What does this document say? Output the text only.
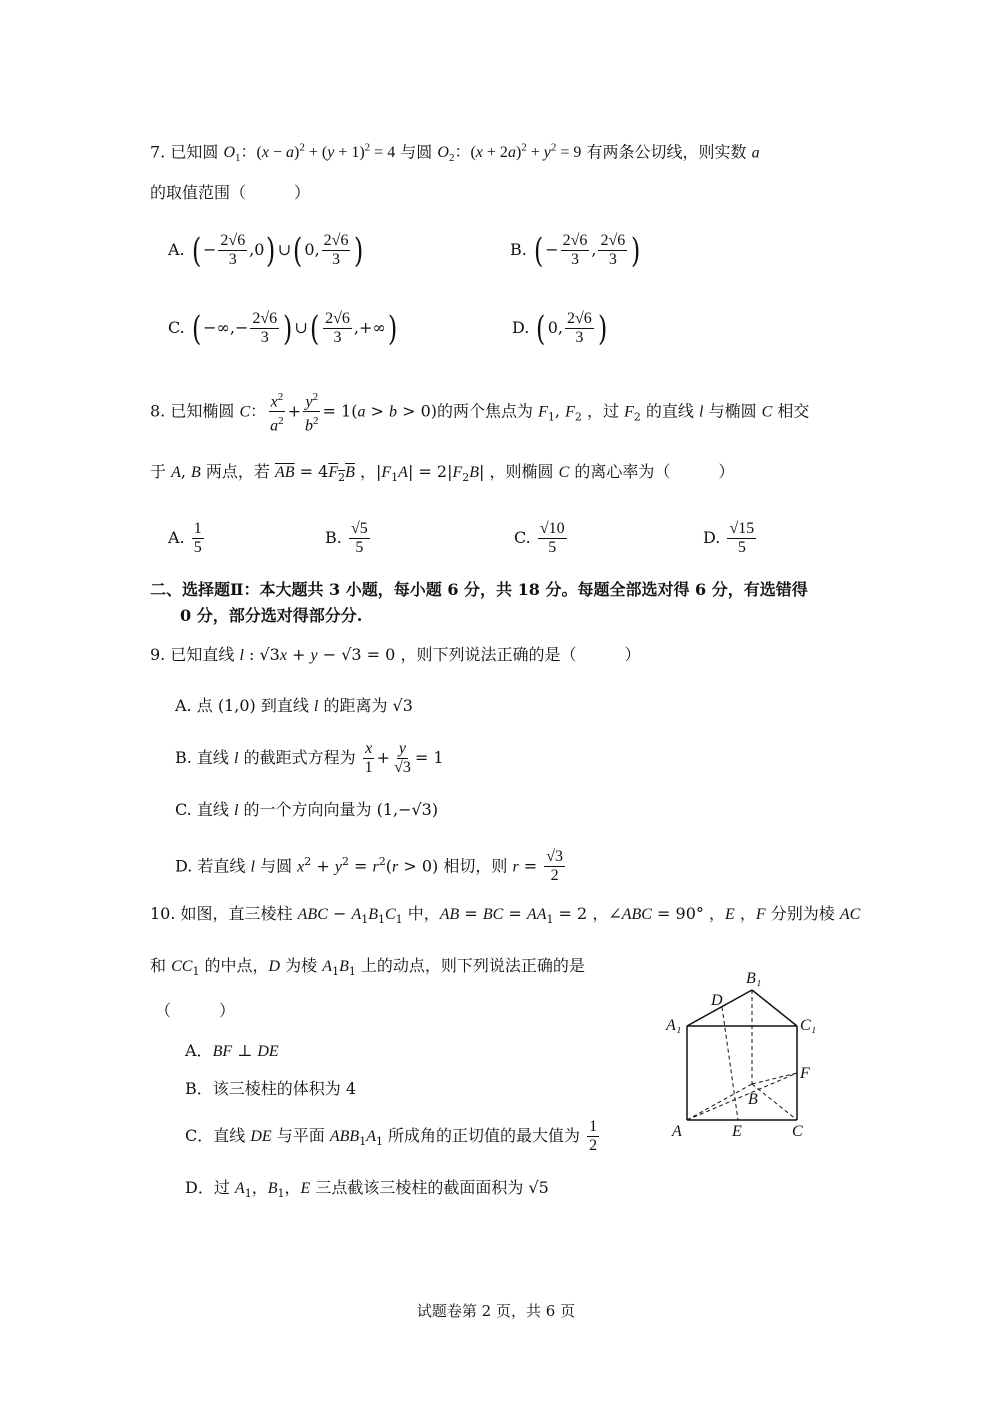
7. 已知圆 $O_1$：$(x - a)^2 + (y + 1)^2 = 4$ 与圆 $O_2$：$(x + 2a)^2 + y^2 = 9$ 有两条公切线，则实数 a
的取值范围（　　　）
A. ( − $\frac{2√6}{3} ,0$) ∪( 0, $\frac{2√6}{3}$ )	B. ( − $\frac{2√6}{3}$ , $\frac{2√6}{3}$ )
C. ( −∞,− $\frac{2√6}{3}$ ) ∪( $\frac{2√6}{3}$ ,+∞)	D. ( 0, $\frac{2√6}{3}$ )
8. 已知椭圆 C： $\frac{x^2}{a^2} + \frac{y^2}{b^2} = 1(a > b > 0)$的两个焦点为 $F_1$, $F_2$ ，过 $F_2$ 的直线 l 与椭圆 C 相交
于 A, B 两点，若 $\overline{AB} = 4F_2B$ ，$|F_1A| = 2|F_2B|$ ，则椭圆 C 的离心率为（　　　）
A. $\frac{1}{5}$	B. $\frac{√5}{5}$	C. $\frac{√10}{5}$	D. $\frac{√15}{5}$
二、选择题Ⅱ：本大题共 3 小题，每小题 6 分，共 18 分。每题全部选对得 6 分，有选错得
0 分，部分选对得部分分.
9. 已知直线 l : √3x + y − √3 = 0 ，则下列说法正确的是（　　　）
A. 点 (1,0) 到直线 l 的距离为 √3
B. 直线 l 的截距式方程为 $\frac{x}{1} + \frac{y}{√3} = 1$
C. 直线 l 的一个方向向量为 (1,−√3)
D. 若直线 l 与圆 $x^2 + y^2 = r^2(r > 0)$ 相切，则 $r = \frac{√3}{2}$
10. 如图，直三棱柱 ABC − $A_1B_1C_1$ 中，AB = BC = $AA_1 = 2$ ，∠ABC = 90° ，E ，F 分别为棱 AC
和 $CC_1$ 的中点，D 为棱 $A_1B_1$ 上的动点，则下列说法正确的是
（　　　）
A．BF ⊥ DE
B．该三棱柱的体积为 4
C．直线 DE 与平面 $ABB_1A_1$ 所成角的正切值的最大值为 $\frac{1}{2}$
D．过 $A_1$，$B_1$，E 三点截该三棱柱的截面面积为 √5
B₁
D
A₁	C₁
F
B
A	E	C
试题卷第 2 页，共 6 页
